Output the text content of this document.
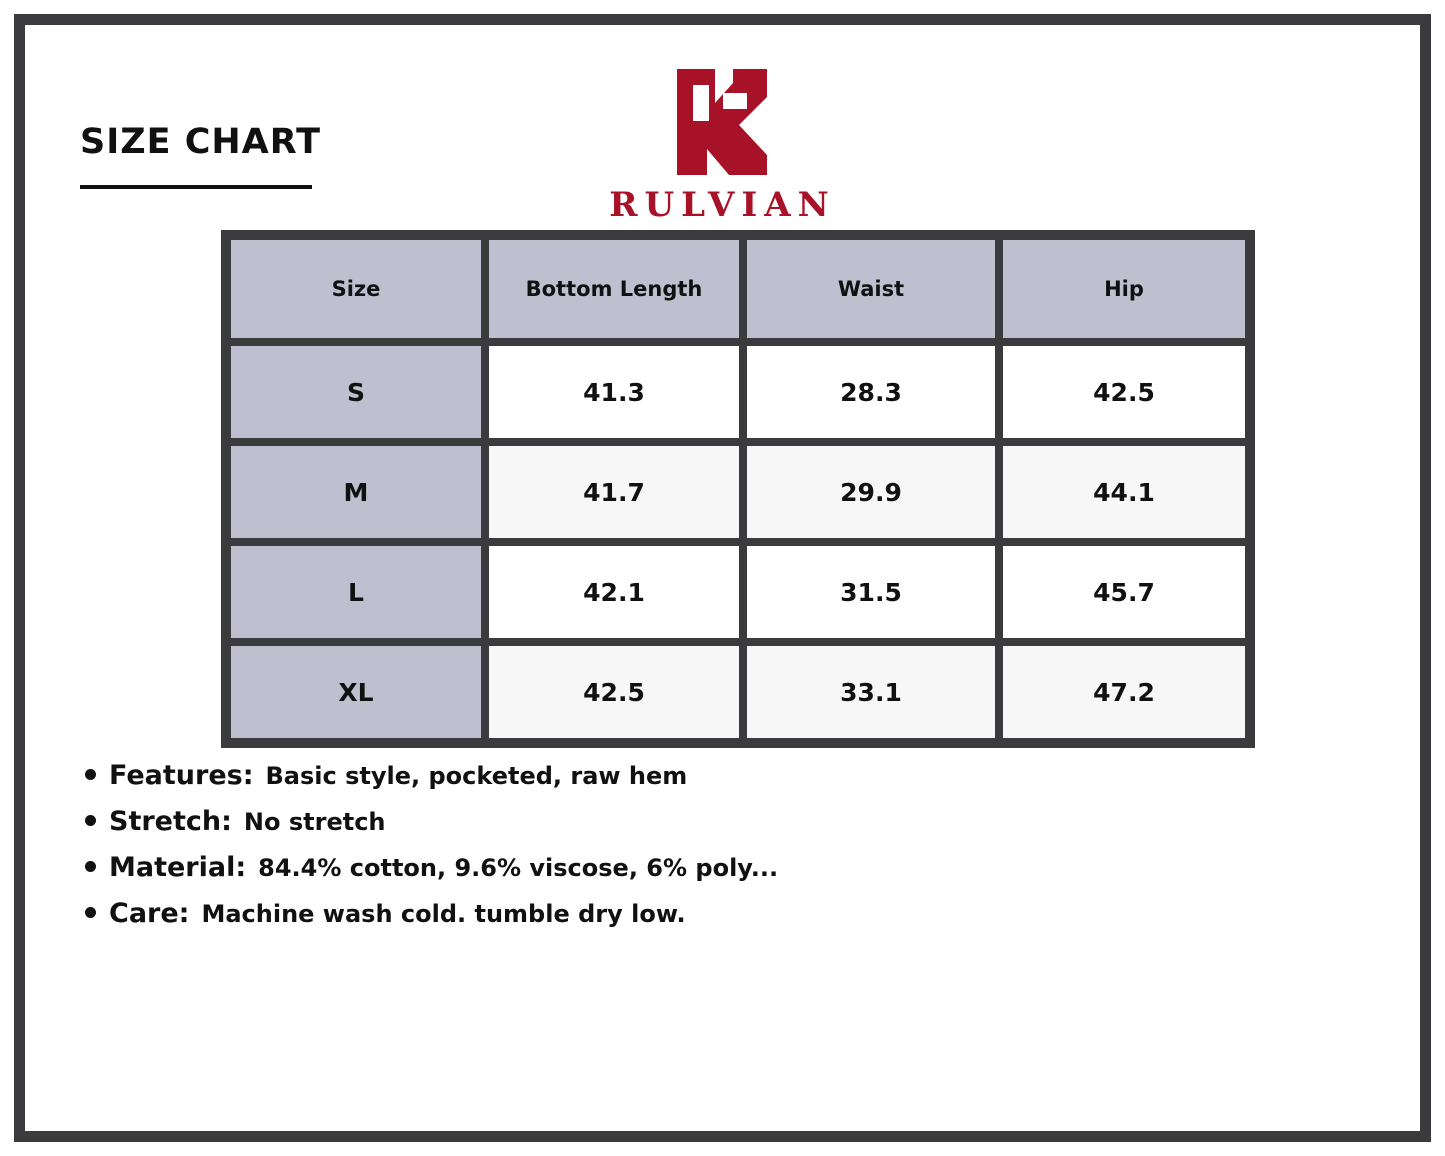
SIZE CHART
RULVIAN
Size	Bottom Length	Waist	Hip
S	41.3	28.3	42.5
M	41.7	29.9	44.1
L	42.1	31.5	45.7
XL	42.5	33.1	47.2
Features: Basic style, pocketed, raw hem
Stretch: No stretch
Material: 84.4% cotton, 9.6% viscose, 6% poly...
Care: Machine wash cold. tumble dry low.
